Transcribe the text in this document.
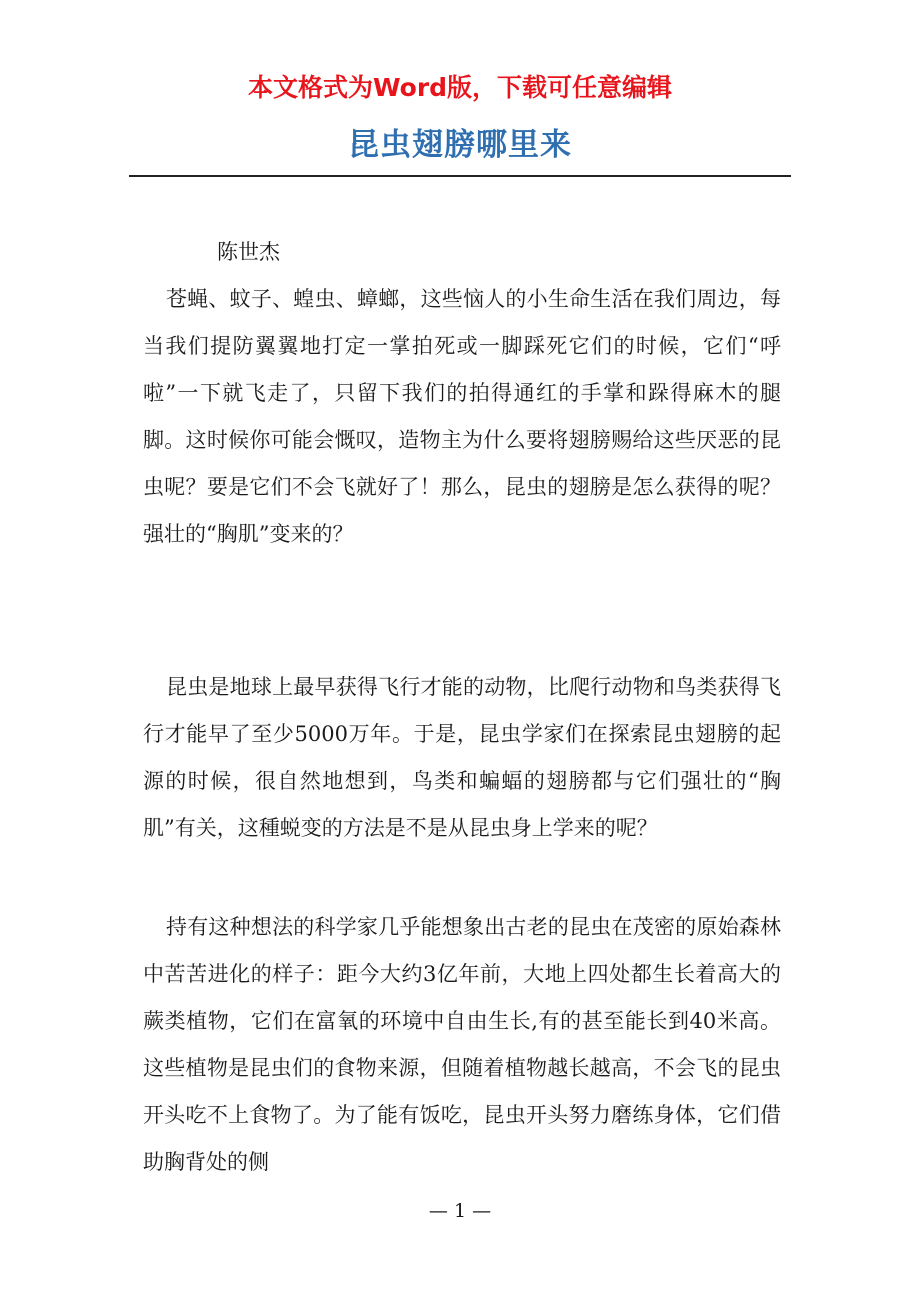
本文格式为Word版，下载可任意编辑
昆虫翅膀哪里来
陈世杰

苍蝇、蚊子、蝗虫、蟑螂，这些恼人的小生命生活在我们周边，每当我们提防翼翼地打定一掌拍死或一脚踩死它们的时候，它们“呼啦”一下就飞走了，只留下我们的拍得通红的手掌和跺得麻木的腿脚。这时候你可能会慨叹，造物主为什么要将翅膀赐给这些厌恶的昆虫呢？要是它们不会飞就好了！那么，昆虫的翅膀是怎么获得的呢？强壮的“胸肌”变来的？

昆虫是地球上最早获得飞行才能的动物，比爬行动物和鸟类获得飞行才能早了至少5000万年。于是，昆虫学家们在探索昆虫翅膀的起源的时候，很自然地想到，鸟类和蝙蝠的翅膀都与它们强壮的“胸肌”有关，这種蜕变的方法是不是从昆虫身上学来的呢？

持有这种想法的科学家几乎能想象出古老的昆虫在茂密的原始森林中苦苦进化的样子：距今大约3亿年前，大地上四处都生长着高大的蕨类植物，它们在富氧的环境中自由生长,有的甚至能长到40米高。这些植物是昆虫们的食物来源，但随着植物越长越高，不会飞的昆虫开头吃不上食物了。为了能有饭吃，昆虫开头努力磨练身体，它们借助胸背处的侧

— 1 —
